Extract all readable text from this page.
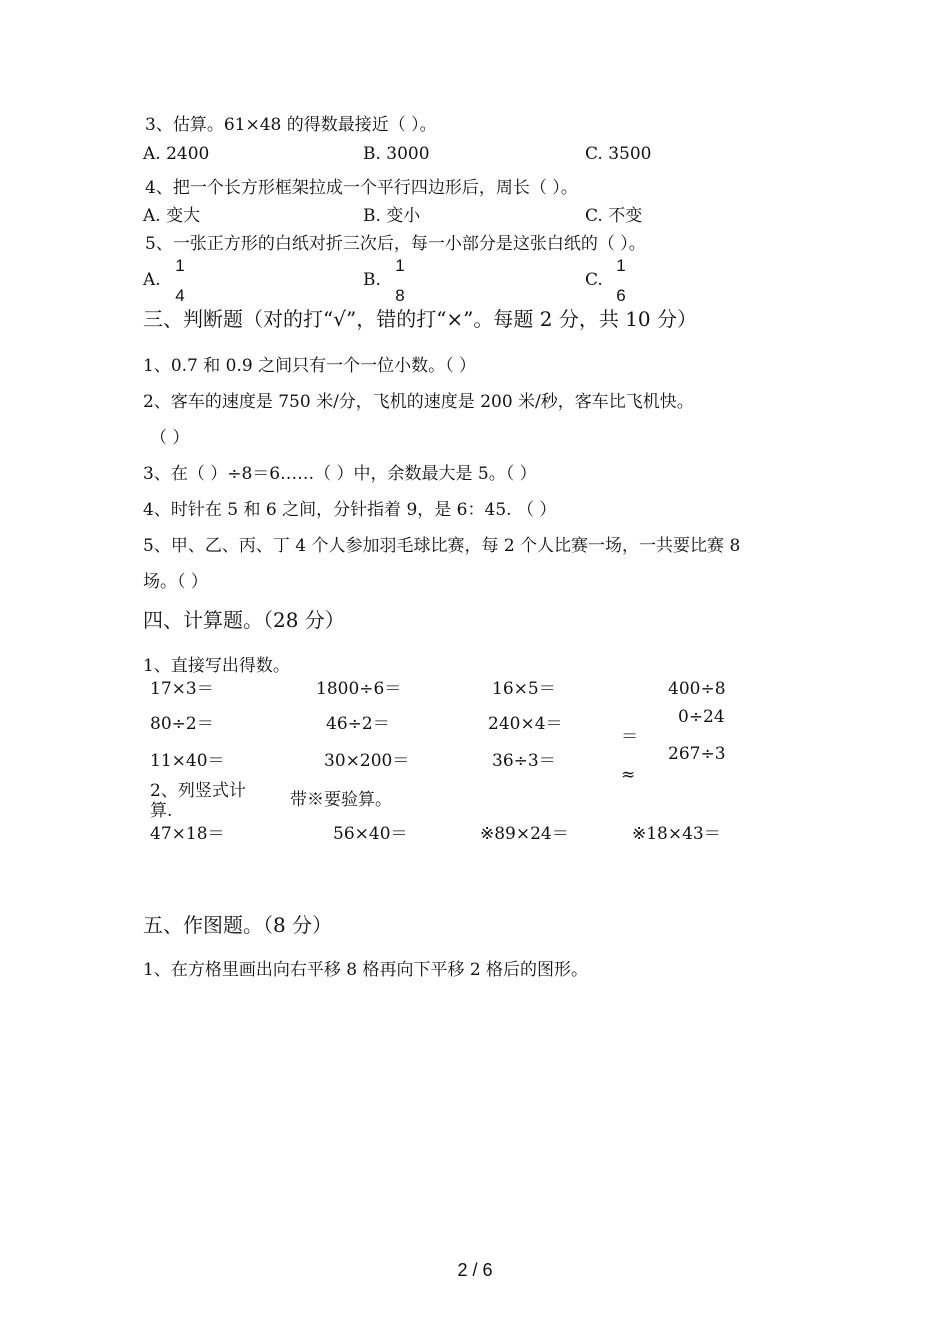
3、估算。61×48 的得数最接近（ ）。
A. 2400	B. 3000	C. 3500
4、把一个长方形框架拉成一个平行四边形后，周长（ ）。
A. 变大	B. 变小	C. 不变
5、一张正方形的白纸对折三次后，每一小部分是这张白纸的（ ）。
A.
1
4
B.
1
8
C.
1
6
三、判断题（对的打“√”，错的打“×”。每题 2 分，共 10 分）
1、0.7 和 0.9 之间只有一个一位小数。（ ）
2、客车的速度是 750 米/分，飞机的速度是 200 米/秒，客车比飞机快。
（ ）
3、在（ ）÷8＝6……（ ）中，余数最大是 5。（ ）
4、时针在 5 和 6 之间，分针指着 9，是 6：45. （ ）
5、甲、乙、丙、丁 4 个人参加羽毛球比赛，每 2 个人比赛一场，一共要比赛 8
场。（ ）
四、计算题。（28 分）
1、直接写出得数。
17×3＝	1800÷6＝	16×5＝	400÷8
80÷2＝	46÷2＝	240×4＝	0÷24
11×40＝	30×200＝	36÷3＝	267÷3
＝
≈
2、列竖式计
算.
带※要验算。
47×18＝	56×40＝	※89×24＝	※18×43＝
五、作图题。（8 分）
1、在方格里画出向右平移 8 格再向下平移 2 格后的图形。
2 / 6
